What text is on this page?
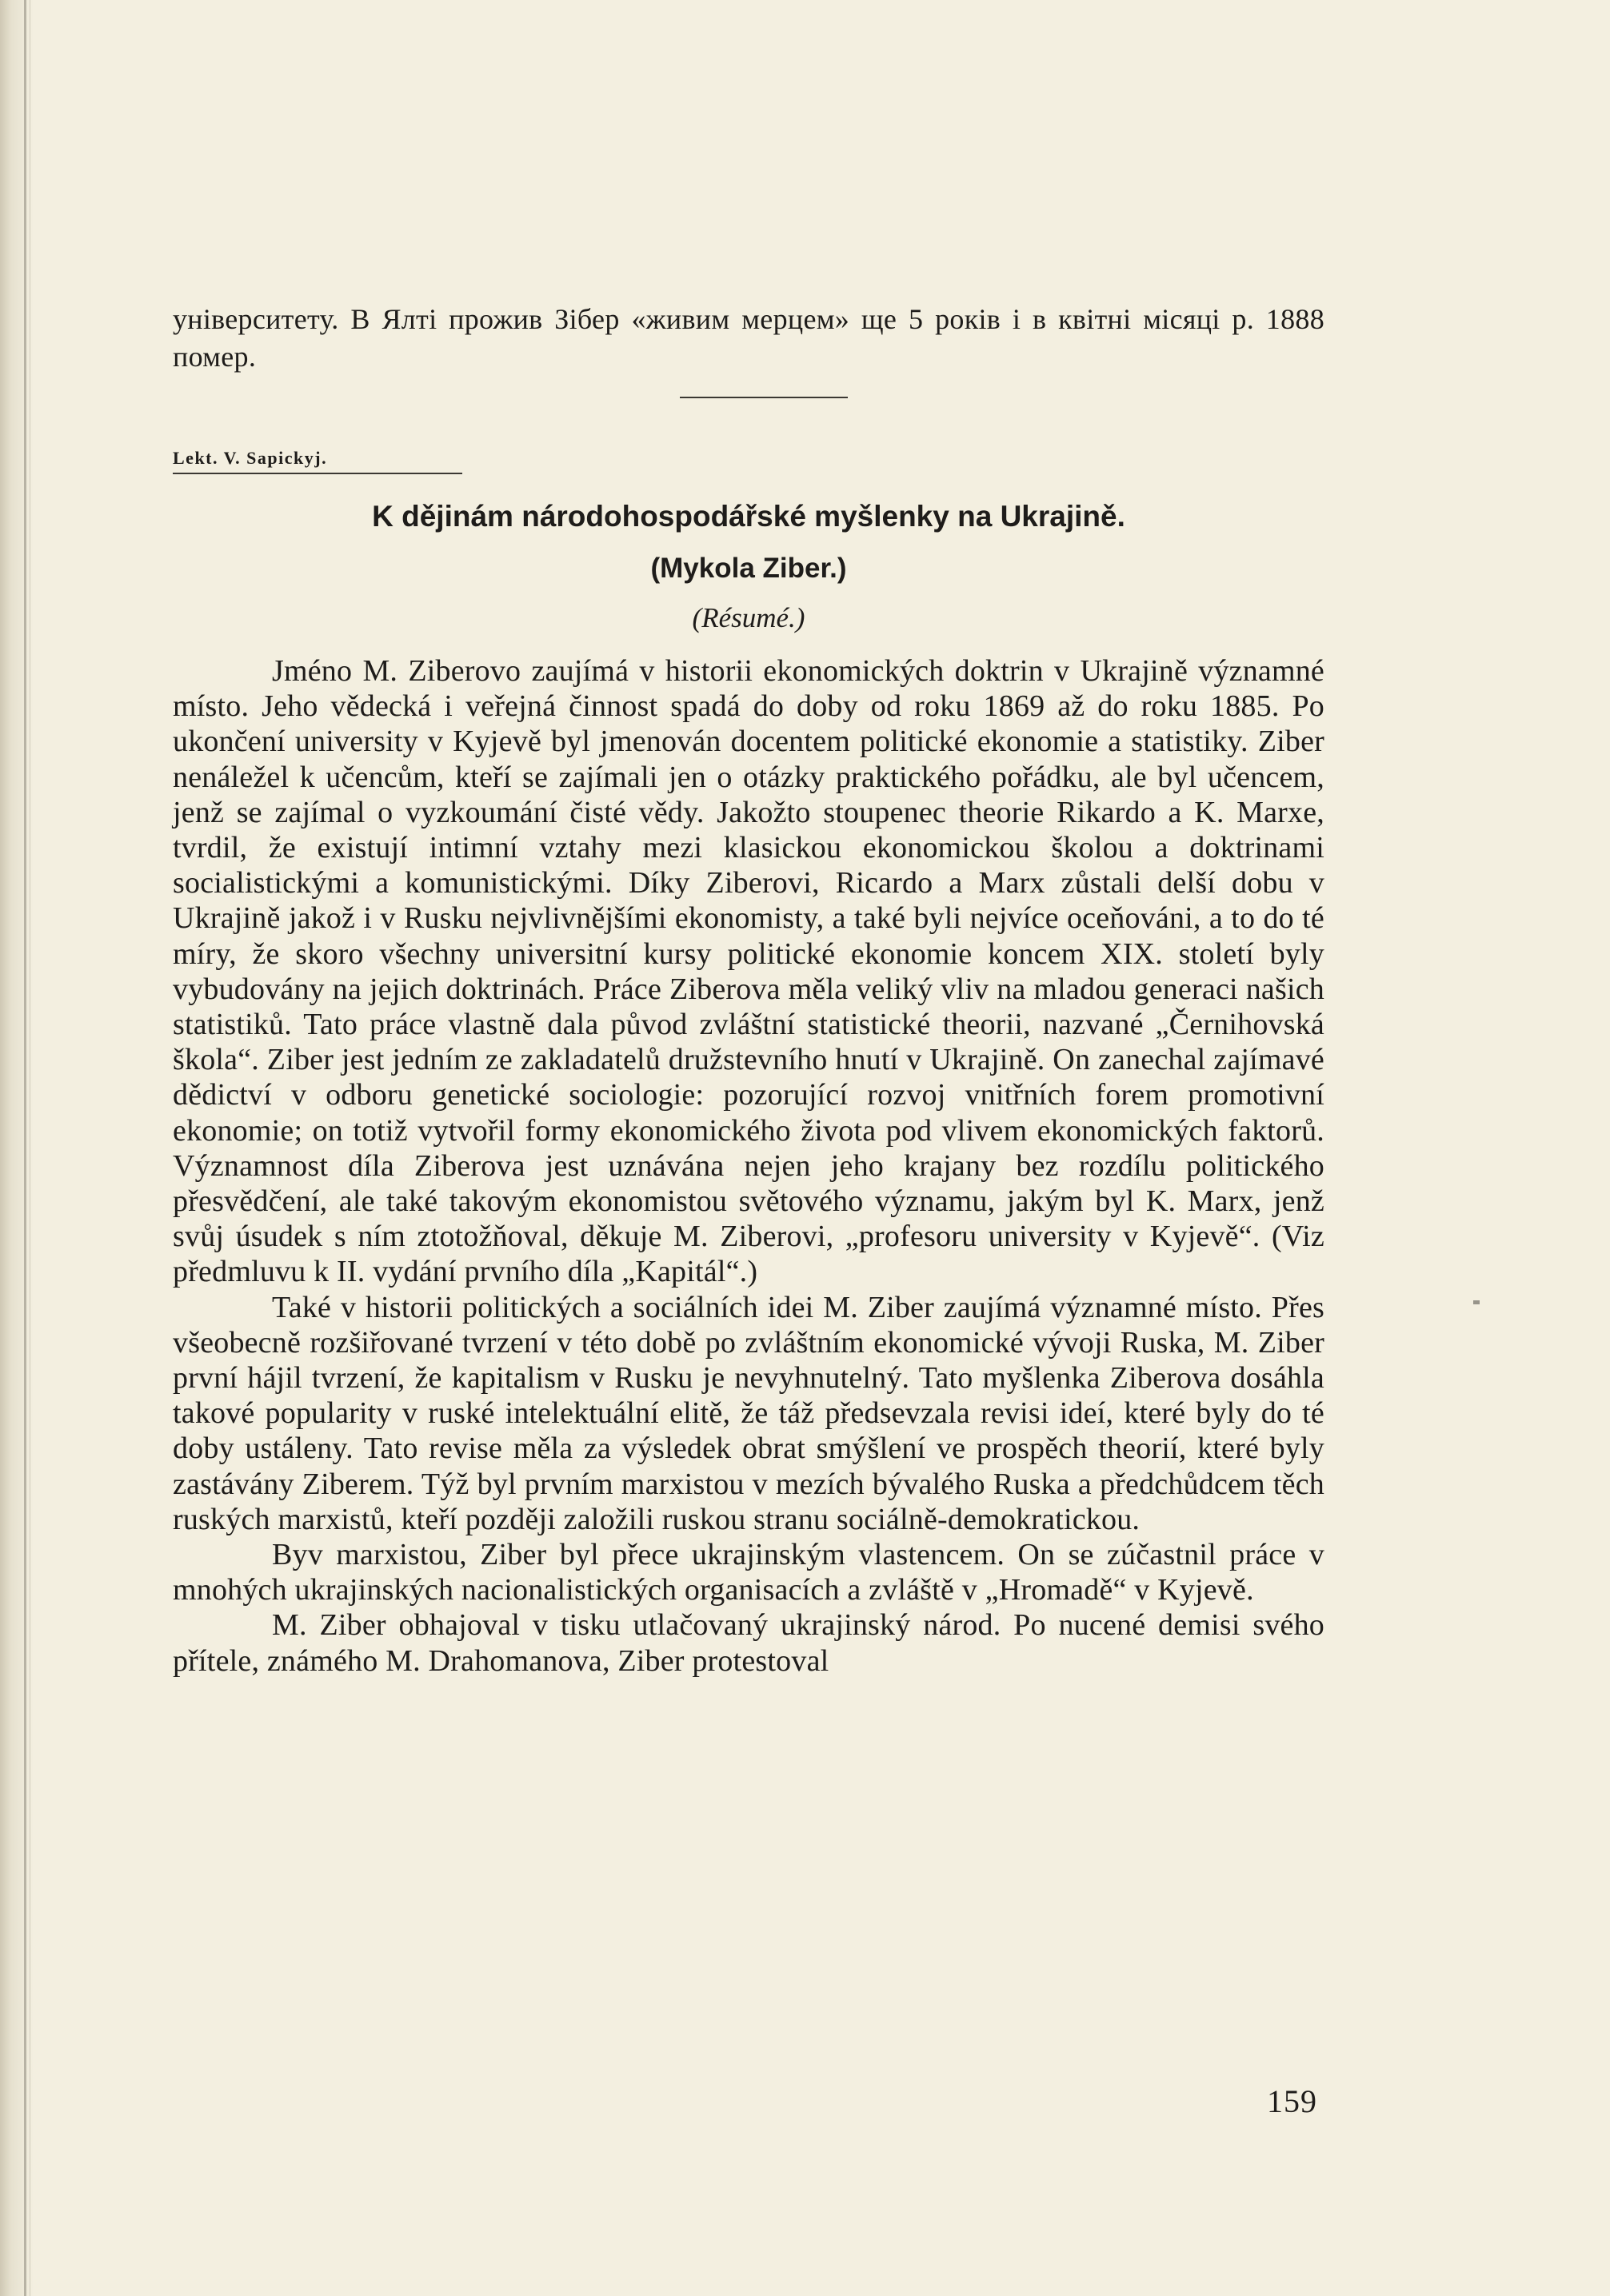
університету. В Ялті прожив Зібер «живим мерцем» ще 5 років і в квітні місяці р. 1888 помер.

Lekt. V. Sapickyj.
K dějinám národohospodářské myšlenky na Ukrajině.
(Mykola Ziber.)
(Résumé.)

Jméno M. Ziberovo zaujímá v historii ekonomických doktrin v Ukrajině významné místo. Jeho vědecká i veřejná činnost spadá do doby od roku 1869 až do roku 1885. Po ukončení university v Kyjevě byl jmenován docentem politické ekonomie a statistiky. Ziber nenáležel k učencům, kteří se zajímali jen o otázky praktického pořádku, ale byl učencem, jenž se zajímal o vyzkoumání čisté vědy. Jakožto stoupenec theorie Rikardo a K. Marxe, tvrdil, že existují intimní vztahy mezi klasickou ekonomickou školou a doktrinami socialistickými a komunistickými. Díky Ziberovi, Ricardo a Marx zůstali delší dobu v Ukrajině jakož i v Rusku nejvlivnějšími ekonomisty, a také byli nejvíce oceňováni, a to do té míry, že skoro všechny universitní kursy politické ekonomie koncem XIX. století byly vybudovány na jejich doktrinách. Práce Ziberova měla veliký vliv na mladou generaci našich statistiků. Tato práce vlastně dala původ zvláštní statistické theorii, nazvané „Černihovská škola“. Ziber jest jedním ze zakladatelů družstevního hnutí v Ukrajině. On zanechal zajímavé dědictví v odboru genetické sociologie: pozorující rozvoj vnitřních forem promotivní ekonomie; on totiž vytvořil formy ekonomického života pod vlivem ekonomických faktorů. Významnost díla Ziberova jest uznávána nejen jeho krajany bez rozdílu politického přesvědčení, ale také takovým ekonomistou světového významu, jakým byl K. Marx, jenž svůj úsudek s ním ztotožňoval, děkuje M. Ziberovi, „profesoru university v Kyjevě“. (Viz předmluvu k II. vydání prvního díla „Kapitál“.)

Také v historii politických a sociálních idei M. Ziber zaujímá významné místo. Přes všeobecně rozšiřované tvrzení v této době po zvláštním ekonomické vývoji Ruska, M. Ziber první hájil tvrzení, že kapitalism v Rusku je nevyhnutelný. Tato myšlenka Ziberova dosáhla takové popularity v ruské intelektuální elitě, že táž předsevzala revisi ideí, které byly do té doby ustáleny. Tato revise měla za výsledek obrat smýšlení ve prospěch theorií, které byly zastávány Ziberem. Týž byl prvním marxistou v mezích bývalého Ruska a předchůdcem těch ruských marxistů, kteří později založili ruskou stranu sociálně-demokratickou.

Byv marxistou, Ziber byl přece ukrajinským vlastencem. On se zúčastnil práce v mnohých ukrajinských nacionalistických organisacích a zvláště v „Hromadě“ v Kyjevě.

M. Ziber obhajoval v tisku utlačovaný ukrajinský národ. Po nucené demisi svého přítele, známého M. Drahomanova, Ziber protestoval

159
